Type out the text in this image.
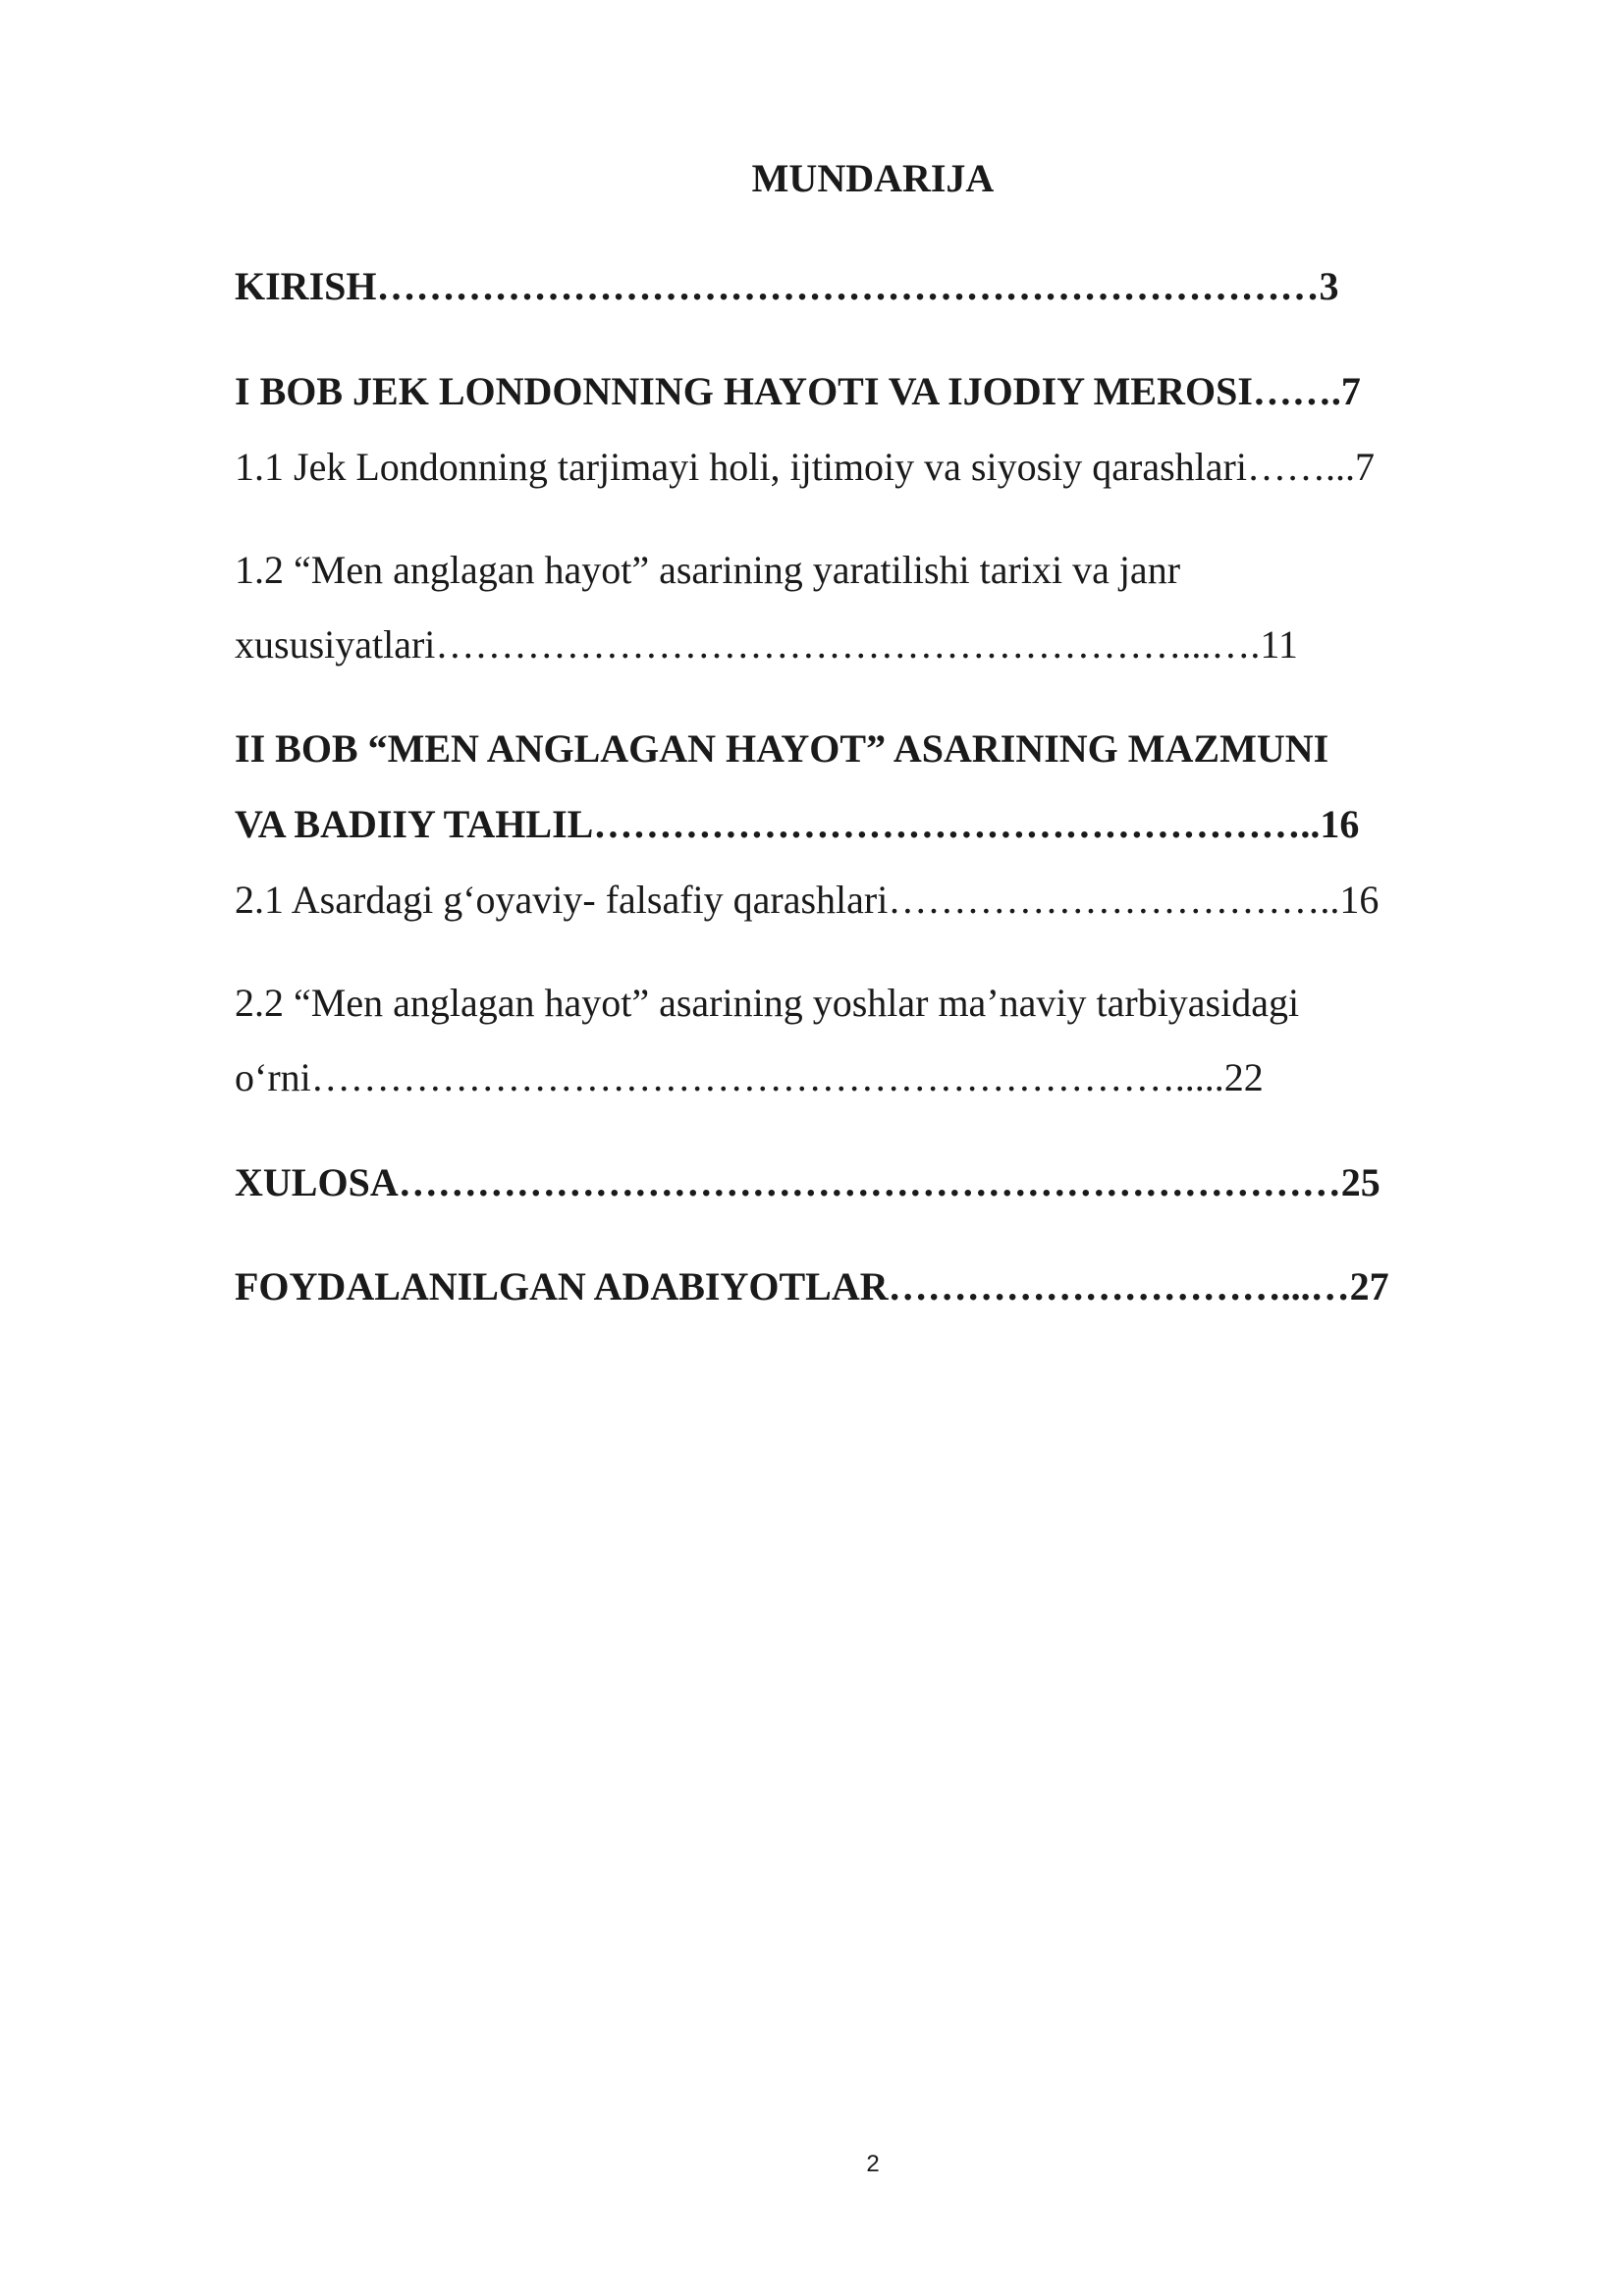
MUNDARIJA
KIRISH………………………………………………………………3
I BOB JEK LONDONNING HAYOTI VA IJODIY MEROSI…….7
1.1 Jek Londonning tarjimayi holi, ijtimoiy va siyosiy qarashlari……...7
1.2 “Men anglagan hayot” asarining yaratilishi tarixi va janr
xususiyatlari…………………………………………………...….11
II BOB “MEN ANGLAGAN HAYOT” ASARINING MAZMUNI
VA BADIIY TAHLIL………………………………………………..16
2.1 Asardagi g‘oyaviy- falsafiy qarashlari……………………………..16
2.2 “Men anglagan hayot” asarining yoshlar ma’naviy tarbiyasidagi
o‘rni………………………………………………………….....22
XULOSA………………………………………………………………25
FOYDALANILGAN ADABIYOTLAR…………………………...…27
2
